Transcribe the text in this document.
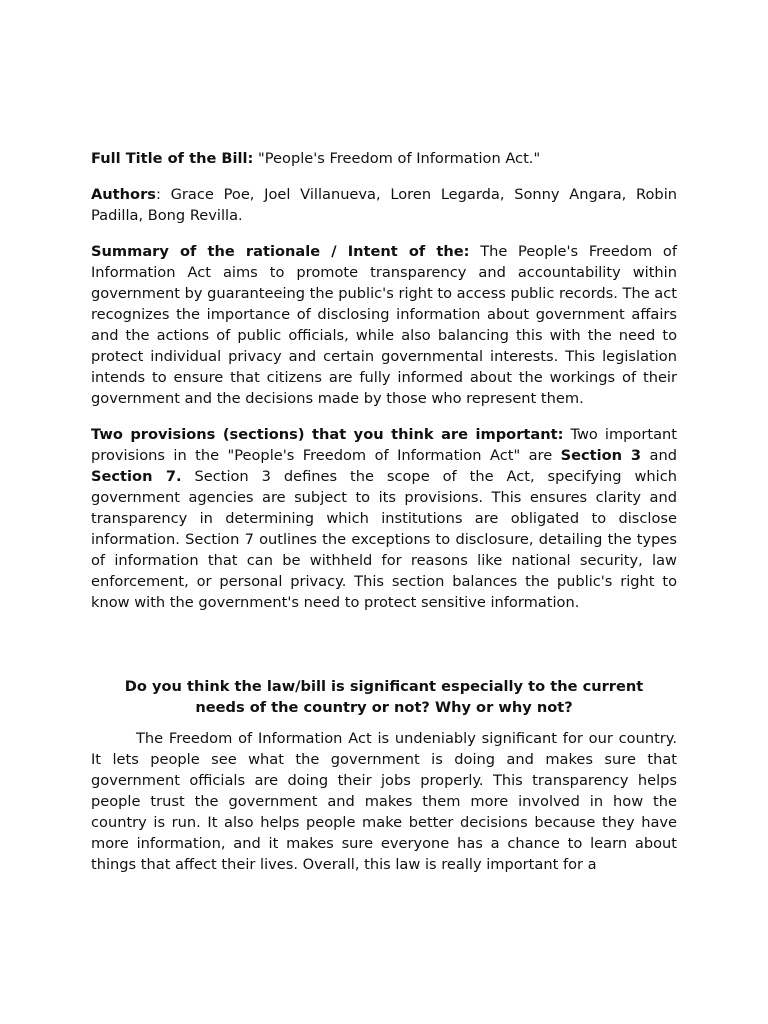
Full Title of the Bill: "People's Freedom of Information Act."

Authors: Grace Poe, Joel Villanueva, Loren Legarda, Sonny Angara, Robin Padilla, Bong Revilla.

Summary of the rationale / Intent of the: The People's Freedom of Information Act aims to promote transparency and accountability within government by guaranteeing the public's right to access public records. The act recognizes the importance of disclosing information about government affairs and the actions of public officials, while also balancing this with the need to protect individual privacy and certain governmental interests. This legislation intends to ensure that citizens are fully informed about the workings of their government and the decisions made by those who represent them.

Two provisions (sections) that you think are important: Two important provisions in the "People's Freedom of Information Act" are Section 3 and Section 7. Section 3 defines the scope of the Act, specifying which government agencies are subject to its provisions. This ensures clarity and transparency in determining which institutions are obligated to disclose information. Section 7 outlines the exceptions to disclosure, detailing the types of information that can be withheld for reasons like national security, law enforcement, or personal privacy. This section balances the public's right to know with the government's need to protect sensitive information.

Do you think the law/bill is significant especially to the current needs of the country or not? Why or why not?

The Freedom of Information Act is undeniably significant for our country. It lets people see what the government is doing and makes sure that government officials are doing their jobs properly. This transparency helps people trust the government and makes them more involved in how the country is run. It also helps people make better decisions because they have more information, and it makes sure everyone has a chance to learn about things that affect their lives. Overall, this law is really important for a
